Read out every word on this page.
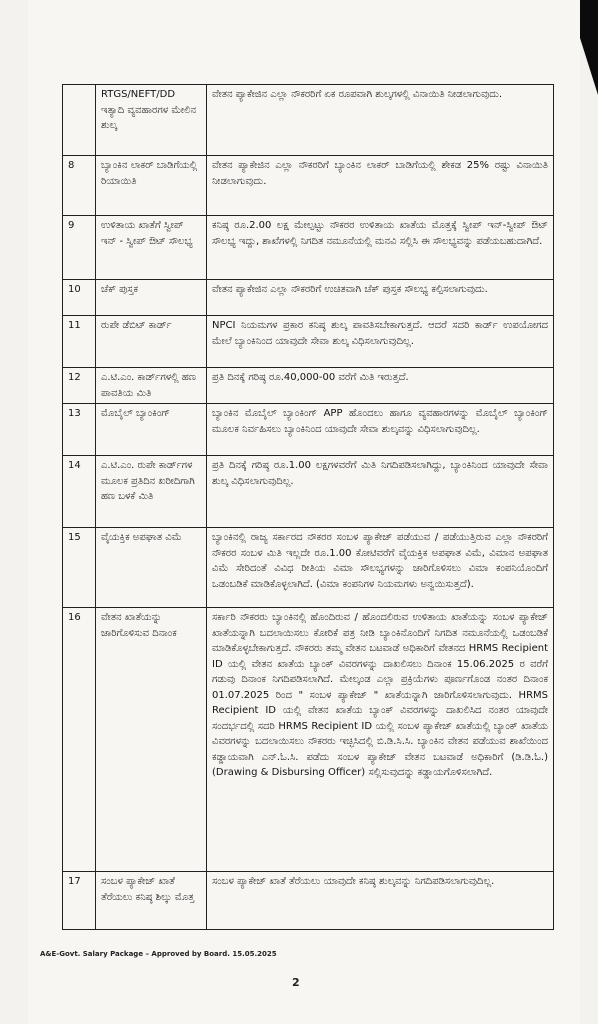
	RTGS/NEFT/DD ಇತ್ಯಾದಿ ವ್ಯವಹಾರಗಳ ಮೇಲಿನ ಶುಲ್ಕ	ವೇತನ ಪ್ಯಾಕೇಜಿನ ಎಲ್ಲಾ ನೌಕರರಿಗೆ ಏಕ ರೂಪವಾಗಿ ಶುಲ್ಕಗಳಲ್ಲಿ ವಿನಾಯಿತಿ ನೀಡಲಾಗುವುದು.
8	ಬ್ಯಾಂಕಿನ ಲಾಕರ್ ಬಾಡಿಗೆಯಲ್ಲಿ ರಿಯಾಯಿತಿ	ವೇತನ ಪ್ಯಾಕೇಜಿನ ಎಲ್ಲಾ ನೌಕರರಿಗೆ ಬ್ಯಾಂಕಿನ ಲಾಕರ್ ಬಾಡಿಗೆಯಲ್ಲಿ ಶೇಕಡ 25% ರಷ್ಟು ವಿನಾಯಿತಿ ನೀಡಲಾಗುವುದು.
9	ಉಳಿತಾಯ ಖಾತೆಗೆ ಸ್ವೀಪ್ ಇನ್ - ಸ್ವೀಪ್ ಔಟ್ ಸೌಲಭ್ಯ	ಕನಿಷ್ಠ ರೂ.2.00 ಲಕ್ಷ ಮೇಲ್ಪಟ್ಟು ನೌಕರರ ಉಳಿತಾಯ ಖಾತೆಯ ಮೊತ್ತಕ್ಕೆ ಸ್ವೀಪ್ ಇನ್-ಸ್ವೀಪ್ ಔಟ್ ಸೌಲಭ್ಯ ಇದ್ದು, ಶಾಖೆಗಳಲ್ಲಿ ನಿಗದಿತ ನಮೂನೆಯಲ್ಲಿ ಮನವಿ ಸಲ್ಲಿಸಿ ಈ ಸೌಲಭ್ಯವನ್ನು ಪಡೆಯಬಹುದಾಗಿದೆ.
10	ಚೆಕ್ ಪುಸ್ತಕ	ವೇತನ ಪ್ಯಾಕೇಜಿನ ಎಲ್ಲಾ ನೌಕರರಿಗೆ ಉಚಿತವಾಗಿ ಚೆಕ್ ಪುಸ್ತಕ ಸೌಲಭ್ಯ ಕಲ್ಪಿಸಲಾಗುವುದು.
11	ರುಪೇ ಡೆಬಿಟ್ ಕಾರ್ಡ್	NPCI ನಿಯಮಗಳ ಪ್ರಕಾರ ಕನಿಷ್ಠ ಶುಲ್ಕ ಪಾವತಿಸಬೇಕಾಗುತ್ತದೆ. ಆದರೆ ಸದರಿ ಕಾರ್ಡ್ ಉಪಯೋಗದ ಮೇಲೆ ಬ್ಯಾಂಕಿನಿಂದ ಯಾವುದೇ ಸೇವಾ ಶುಲ್ಕ ವಿಧಿಸಲಾಗುವುದಿಲ್ಲ.
12	ಎ.ಟಿ.ಎಂ. ಕಾರ್ಡ್‌ಗಳಲ್ಲಿ ಹಣ ಪಾವತಿಯ ಮಿತಿ	ಪ್ರತಿ ದಿನಕ್ಕೆ ಗರಿಷ್ಠ ರೂ.40,000-00 ವರೆಗೆ ಮಿತಿ ಇರುತ್ತದೆ.
13	ಮೊಬೈಲ್ ಬ್ಯಾಂಕಿಂಗ್	ಬ್ಯಾಂಕಿನ ಮೊಬೈಲ್ ಬ್ಯಾಂಕಿಂಗ್ APP ಹೊಂದಲು ಹಾಗೂ ವ್ಯವಹಾರಗಳನ್ನು ಮೊಬೈಲ್ ಬ್ಯಾಂಕಿಂಗ್ ಮೂಲಕ ನಿರ್ವಹಿಸಲು ಬ್ಯಾಂಕಿನಿಂದ ಯಾವುದೇ ಸೇವಾ ಶುಲ್ಕವನ್ನು ವಿಧಿಸಲಾಗುವುದಿಲ್ಲ.
14	ಎ.ಟಿ.ಎಂ. ರುಪೇ ಕಾರ್ಡ್‌ಗಳ ಮೂಲಕ ಪ್ರತಿದಿನ ಖರೀದಿಗಾಗಿ ಹಣ ಬಳಕೆ ಮಿತಿ	ಪ್ರತಿ ದಿನಕ್ಕೆ ಗರಿಷ್ಠ ರೂ.1.00 ಲಕ್ಷಗಳವರೆಗೆ ಮಿತಿ ನಿಗದಿಪಡಿಸಲಾಗಿದ್ದು, ಬ್ಯಾಂಕಿನಿಂದ ಯಾವುದೇ ಸೇವಾ ಶುಲ್ಕ ವಿಧಿಸಲಾಗುವುದಿಲ್ಲ.
15	ವೈಯಕ್ತಿಕ ಅಪಘಾತ ವಿಮೆ	ಬ್ಯಾಂಕಿನಲ್ಲಿ ರಾಜ್ಯ ಸರ್ಕಾರದ ನೌಕರರ ಸಂಬಳ ಪ್ಯಾಕೇಜ್ ಪಡೆಯುವ / ಪಡೆಯುತ್ತಿರುವ ಎಲ್ಲಾ ನೌಕರರಿಗೆ ನೌಕರರ ಸಂಬಳ ಮಿತಿ ಇಲ್ಲದೇ ರೂ.1.00 ಕೋಟಿವರೆಗೆ ವೈಯಕ್ತಿಕ ಅಪಘಾತ ವಿಮೆ, ವಿಮಾನ ಅಪಘಾತ ವಿಮೆ ಸೇರಿದಂತೆ ವಿವಿಧ ರೀತಿಯ ವಿಮಾ ಸೌಲಭ್ಯಗಳನ್ನು ಜಾರಿಗೊಳಿಸಲು ವಿಮಾ ಕಂಪನಿಯೊಂದಿಗೆ ಒಡಂಬಡಿಕೆ ಮಾಡಿಕೊಳ್ಳಲಾಗಿದೆ. (ವಿಮಾ ಕಂಪನಿಗಳ ನಿಯಮಗಳು ಅನ್ವಯಿಸುತ್ತದೆ).
16	ವೇತನ ಖಾತೆಯನ್ನು ಜಾರಿಗೊಳಿಸುವ ದಿನಾಂಕ	ಸರ್ಕಾರಿ ನೌಕರರು ಬ್ಯಾಂಕಿನಲ್ಲಿ ಹೊಂದಿರುವ / ಹೊಂದಲಿರುವ ಉಳಿತಾಯ ಖಾತೆಯನ್ನು ಸಂಬಳ ಪ್ಯಾಕೇಜ್ ಖಾತೆಯನ್ನಾಗಿ ಬದಲಾಯಿಸಲು ಕೋರಿಕೆ ಪತ್ರ ನೀಡಿ ಬ್ಯಾಂಕಿನೊಂದಿಗೆ ನಿಗದಿತ ನಮೂನೆಯಲ್ಲಿ ಒಡಂಬಡಿಕೆ ಮಾಡಿಕೊಳ್ಳಬೇಕಾಗುತ್ತದೆ. ನೌಕರರು ತಮ್ಮ ವೇತನ ಬಟವಾಡೆ ಅಧಿಕಾರಿಗೆ ವೇತನದ HRMS Recipient ID ಯಲ್ಲಿ ವೇತನ ಖಾತೆಯ ಬ್ಯಾಂಕ್ ವಿವರಗಳನ್ನು ದಾಖಲಿಸಲು ದಿನಾಂಕ 15.06.2025 ರ ವರೆಗೆ ಗಡುವು ದಿನಾಂಕ ನಿಗದಿಪಡಿಸಲಾಗಿದೆ. ಮೇಲ್ಕಂಡ ಎಲ್ಲಾ ಪ್ರಕ್ರಿಯೆಗಳು ಪೂರ್ಣಗೊಂಡ ನಂತರ ದಿನಾಂಕ 01.07.2025 ರಿಂದ " ಸಂಬಳ ಪ್ಯಾಕೇಜ್ " ಖಾತೆಯನ್ನಾಗಿ ಜಾರಿಗೊಳಿಸಲಾಗುವುದು. HRMS Recipient ID ಯಲ್ಲಿ ವೇತನ ಖಾತೆಯ ಬ್ಯಾಂಕ್ ವಿವರಗಳನ್ನು ದಾಖಲಿಸಿದ ನಂತರ ಯಾವುದೇ ಸಂದರ್ಭದಲ್ಲಿ ಸದರಿ HRMS Recipient ID ಯಲ್ಲಿ ಸಂಬಳ ಪ್ಯಾಕೇಜ್ ಖಾತೆಯಲ್ಲಿ ಬ್ಯಾಂಕ್ ಖಾತೆಯ ವಿವರಗಳನ್ನು ಬದಲಾಯಿಸಲು ನೌಕರರು ಇಚ್ಛಿಸಿದಲ್ಲಿ ಬಿ.ಡಿ.ಸಿ.ಸಿ. ಬ್ಯಾಂಕಿನ ವೇತನ ಪಡೆಯುವ ಶಾಖೆಯಿಂದ ಕಡ್ಡಾಯವಾಗಿ ಎನ್.ಓ.ಸಿ. ಪಡೆದು ಸಂಬಳ ಪ್ಯಾಕೇಜ್ ವೇತನ ಬಟವಾಡೆ ಅಧಿಕಾರಿಗೆ (ಡಿ.ಡಿ.ಓ.) (Drawing & Disbursing Officer) ಸಲ್ಲಿಸುವುದನ್ನು ಕಡ್ಡಾಯಗೊಳಿಸಲಾಗಿದೆ.
17	ಸಂಬಳ ಪ್ಯಾಕೇಜ್ ಖಾತೆ ತೆರೆಯಲು ಕನಿಷ್ಠ ಶಿಲ್ಕು ಮೊತ್ತ	ಸಂಬಳ ಪ್ಯಾಕೇಜ್ ಖಾತೆ ತೆರೆಯಲು ಯಾವುದೇ ಕನಿಷ್ಠ ಶುಲ್ಕವನ್ನು ನಿಗದಿಪಡಿಸಲಾಗುವುದಿಲ್ಲ.
A&E-Govt. Salary Package – Approved by Board. 15.05.2025
2
